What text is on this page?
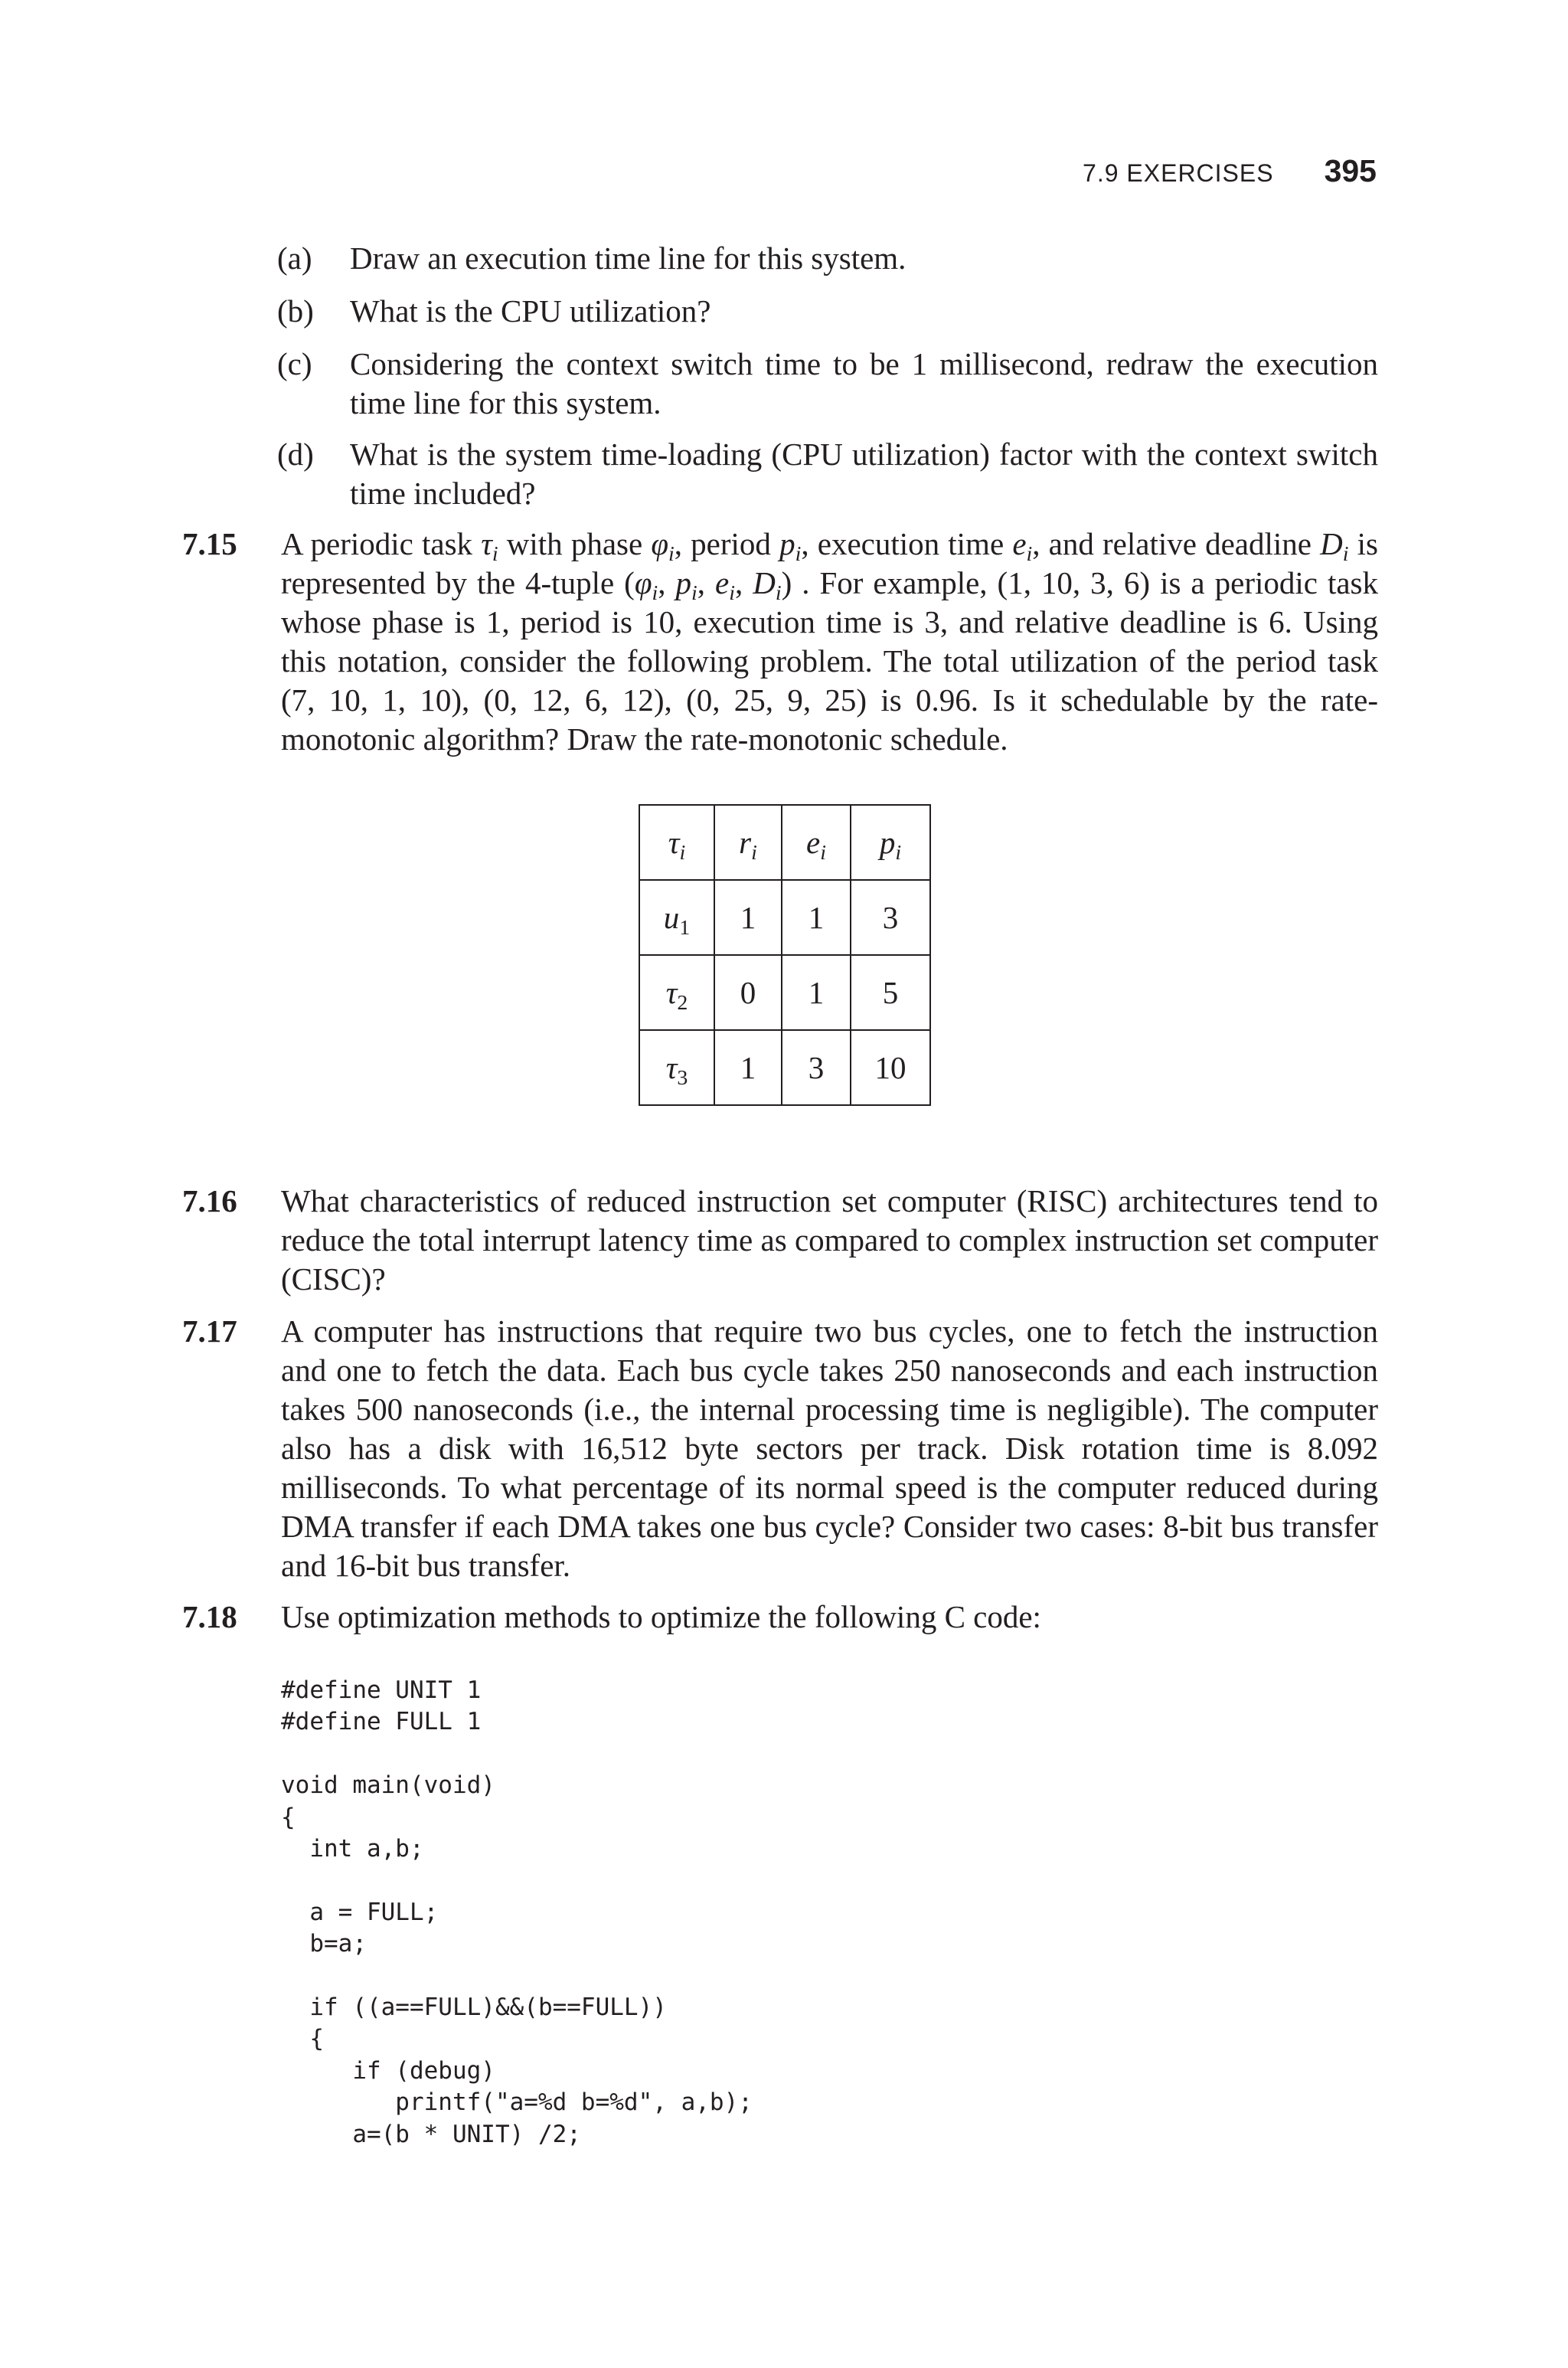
7.9 EXERCISES 395
(a) Draw an execution time line for this system.
(b) What is the CPU utilization?
(c) Considering the context switch time to be 1 millisecond, redraw the execution time line for this system.
(d) What is the system time-loading (CPU utilization) factor with the context switch time included?
7.15 A periodic task $\tau_i$ with phase $\varphi_i$, period $p_i$, execution time $e_i$, and relative deadline $D_i$ is represented by the 4-tuple ($\varphi_i$, $p_i$, $e_i$, $D_i$) . For example, (1, 10, 3, 6) is a periodic task whose phase is 1, period is 10, execution time is 3, and relative deadline is 6. Using this notation, consider the following problem. The total utilization of the period task (7, 10, 1, 10), (0, 12, 6, 12), (0, 25, 9, 25) is 0.96. Is it schedulable by the rate-monotonic algorithm? Draw the rate-monotonic schedule.
$\tau_i$	$r_i$	$e_i$	$p_i$
$u_1$	1	1	3
$\tau_2$	0	1	5
$\tau_3$	1	3	10
7.16 What characteristics of reduced instruction set computer (RISC) architectures tend to reduce the total interrupt latency time as compared to complex instruction set computer (CISC)?
7.17 A computer has instructions that require two bus cycles, one to fetch the instruction and one to fetch the data. Each bus cycle takes 250 nanoseconds and each instruction takes 500 nanoseconds (i.e., the internal processing time is negligible). The computer also has a disk with 16,512 byte sectors per track. Disk rotation time is 8.092 milliseconds. To what percentage of its normal speed is the computer reduced during DMA transfer if each DMA takes one bus cycle? Consider two cases: 8-bit bus transfer and 16-bit bus transfer.
7.18 Use optimization methods to optimize the following C code:
#define UNIT 1
#define FULL 1

void main(void)
{
int a,b;

a = FULL;
b=a;

if ((a==FULL)&&(b==FULL))
{
if (debug)
printf("a=%d b=%d", a,b);
a=(b * UNIT) /2;
